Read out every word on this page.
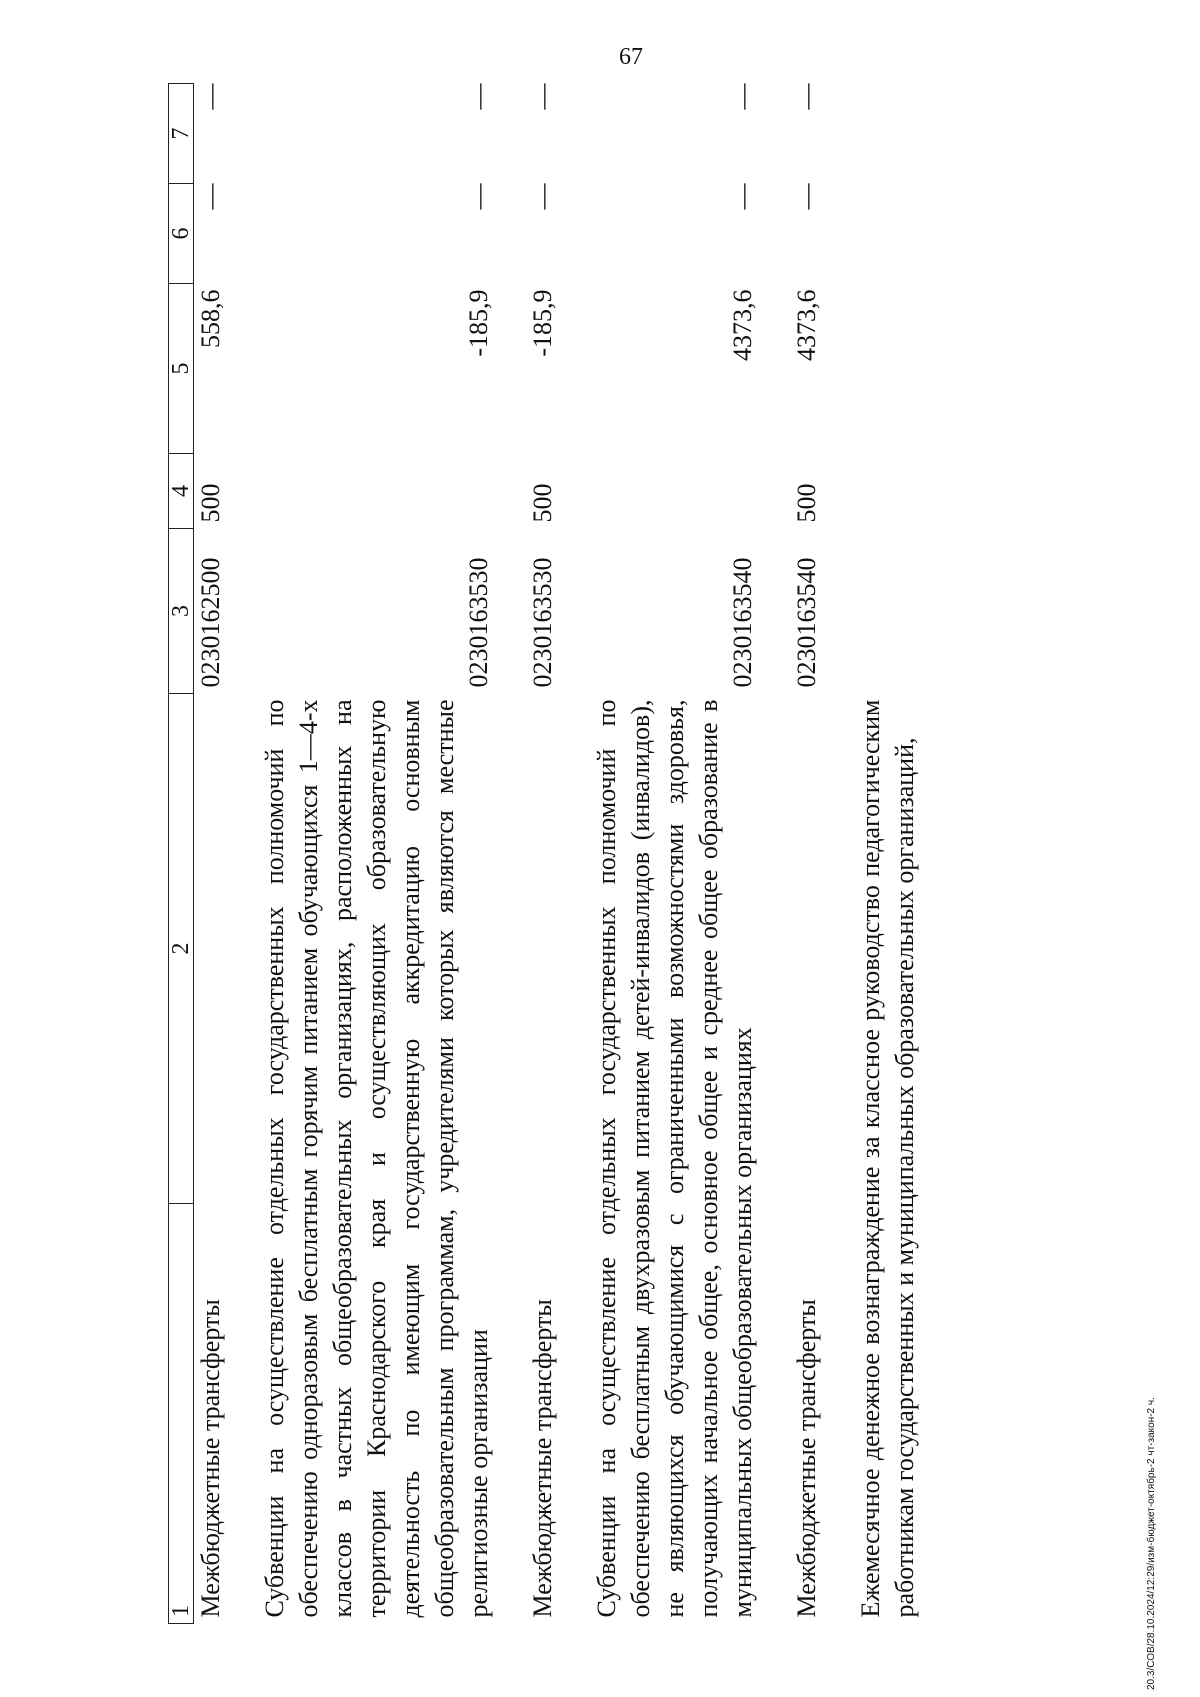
67
20.3/СОВ/28.10.2024/12:29/изм-бюджет-октябрь-2 чт-закон-2 ч.
1	2	3	4	5	6	7
Межбюджетные трансферты		0230162500	500	558,6	—	—

Субвенции на осуществление отдельных государственных полномочий по обеспечению одноразовым бесплатным горячим питанием обучающихся 1—4-х классов в частных общеобразовательных организациях, расположенных на территории Краснодарского края и осуществляющих образовательную деятельность по имеющим государственную аккредитацию основным общеобразовательным программам, учредителями которых являются местные религиозные организации		0230163530		-185,9	—	—

Межбюджетные трансферты		0230163530	500	-185,9	—	—

Субвенции на осуществление отдельных государственных полномочий по обеспечению бесплатным двухразовым питанием детей-инвалидов (инвалидов), не являющихся обучающимися с ограниченными возможностями здоровья, получающих начальное общее, основное общее и среднее общее образование в муниципальных общеобразовательных организациях		0230163540		4373,6	—	—

Межбюджетные трансферты		0230163540	500	4373,6	—	—

Ежемесячное денежное вознаграждение за классное руководство педагогическим работникам государственных и муниципальных образовательных организаций,						
